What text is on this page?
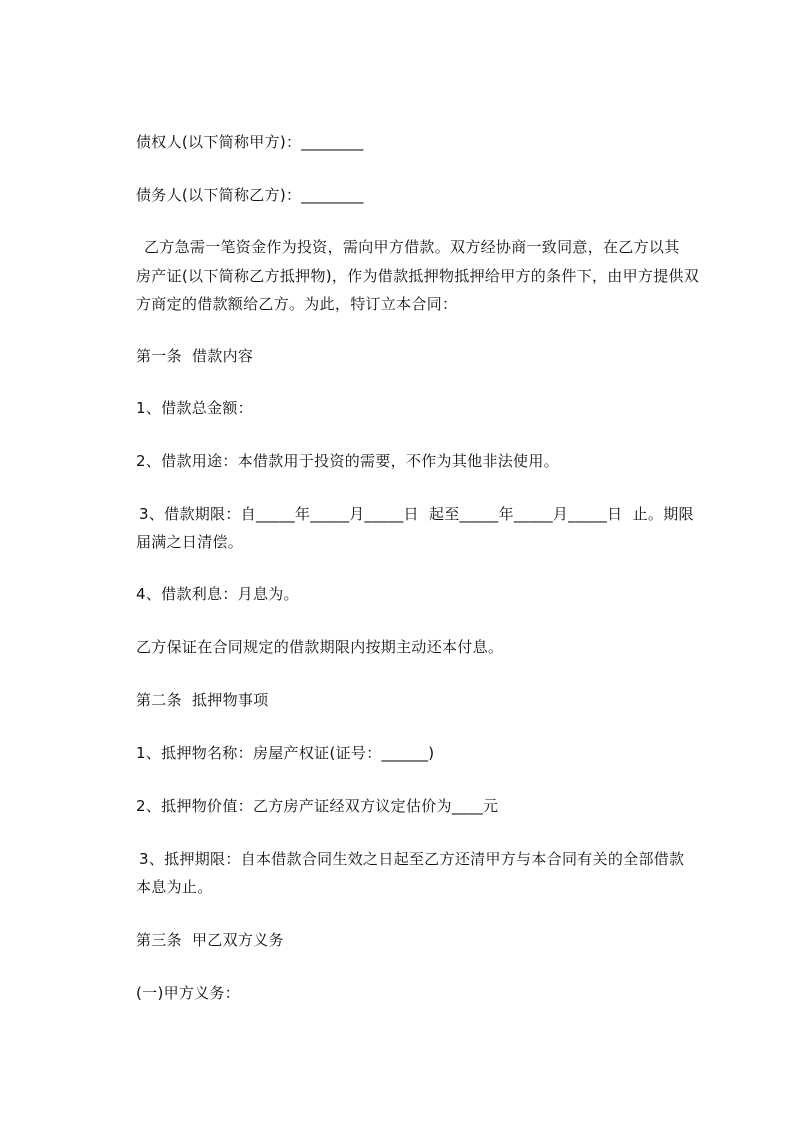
债权人(以下简称甲方)：________
债务人(以下简称乙方)：________
乙方急需一笔资金作为投资，需向甲方借款。双方经协商一致同意，在乙方以其
房产证(以下简称乙方抵押物)，作为借款抵押物抵押给甲方的条件下，由甲方提供双
方商定的借款额给乙方。为此，特订立本合同：
第一条  借款内容
1、借款总金额：
2、借款用途：本借款用于投资的需要，不作为其他非法使用。
3、借款期限：自_____年_____月_____日  起至_____年_____月_____日  止。期限
届满之日清偿。
4、借款利息：月息为。
乙方保证在合同规定的借款期限内按期主动还本付息。
第二条  抵押物事项
1、抵押物名称：房屋产权证(证号：______)
2、抵押物价值：乙方房产证经双方议定估价为____元
3、抵押期限：自本借款合同生效之日起至乙方还清甲方与本合同有关的全部借款
本息为止。
第三条  甲乙双方义务
(一)甲方义务：
